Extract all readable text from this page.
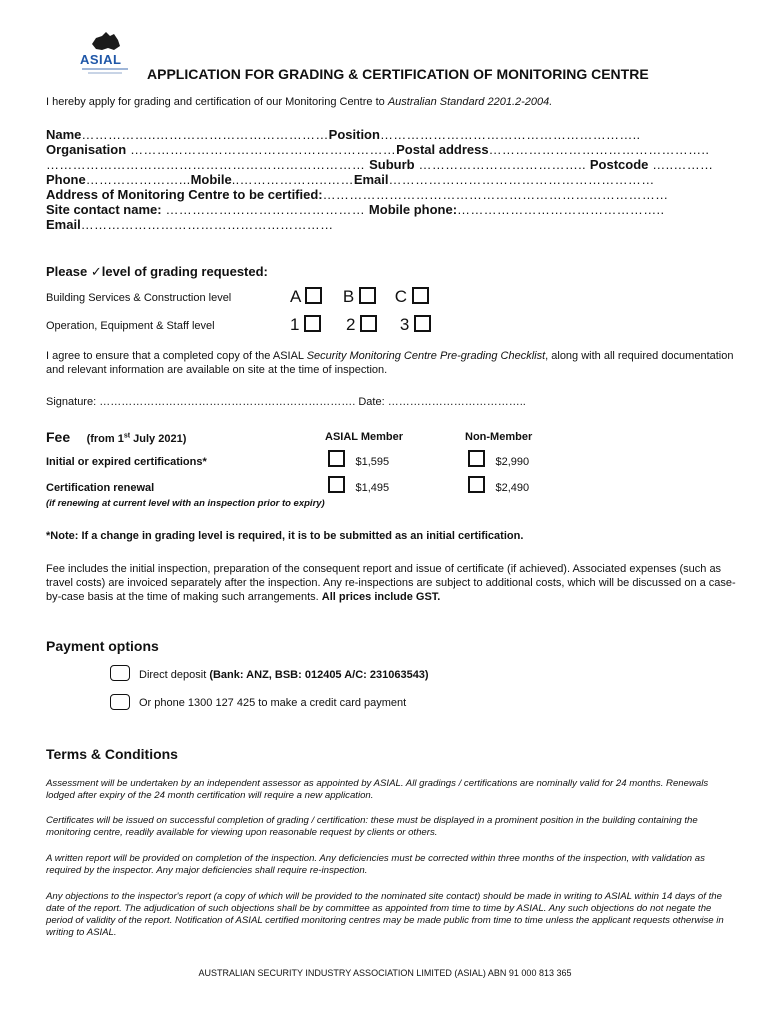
ASIAL
APPLICATION FOR GRADING & CERTIFICATION OF MONITORING CENTRE
I hereby apply for grading and certification of our Monitoring Centre to Australian Standard 2201.2-2004.
Name……………..…………………………………Position…………………………………………………..
Organisation ……………………………………………………Postal address…………………………………………..
……………………………………………………………… Suburb ……………………………….. Postcode …..………
Phone…………………...Mobile..………………..……Email……………………………………………………
Address of Monitoring Centre to be certified:……………………………………………………………………
Site contact name: ……………………………………… Mobile phone:………………………………………..
Email…………………………………………………
Please ✓level of grading requested:
Building Services & Construction level	A B C
Operation, Equipment & Staff level	1	2	3
I agree to ensure that a completed copy of the ASIAL Security Monitoring Centre Pre-grading Checklist, along with all required documentation and relevant information are available on site at the time of inspection.
Signature: ……………………………………………………………. Date: ………………………………..
Fee (from 1st July 2021)	ASIAL Member	Non-Member
Initial or expired certifications*	$1,595	$2,990
Certification renewal	$1,495	$2,490
(if renewing at current level with an inspection prior to expiry)
*Note: If a change in grading level is required, it is to be submitted as an initial certification.
Fee includes the initial inspection, preparation of the consequent report and issue of certificate (if achieved). Associated expenses (such as travel costs) are invoiced separately after the inspection. Any re-inspections are subject to additional costs, which will be discussed on a case-by-case basis at the time of making such arrangements. All prices include GST.
Payment options
Direct deposit (Bank: ANZ, BSB: 012405 A/C: 231063543)
Or phone 1300 127 425 to make a credit card payment
Terms & Conditions
Assessment will be undertaken by an independent assessor as appointed by ASIAL. All gradings / certifications are nominally valid for 24 months. Renewals lodged after expiry of the 24 month certification will require a new application.
Certificates will be issued on successful completion of grading / certification: these must be displayed in a prominent position in the building containing the monitoring centre, readily available for viewing upon reasonable request by clients or others.
A written report will be provided on completion of the inspection. Any deficiencies must be corrected within three months of the inspection, with validation as required by the inspector. Any major deficiencies shall require re-inspection.
Any objections to the inspector's report (a copy of which will be provided to the nominated site contact) should be made in writing to ASIAL within 14 days of the date of the report. The adjudication of such objections shall be by committee as appointed from time to time by ASIAL. Any such objections do not negate the period of validity of the report. Notification of ASIAL certified monitoring centres may be made public from time to time unless the applicant requests otherwise in writing to ASIAL.
AUSTRALIAN SECURITY INDUSTRY ASSOCIATION LIMITED (ASIAL) ABN 91 000 813 365
